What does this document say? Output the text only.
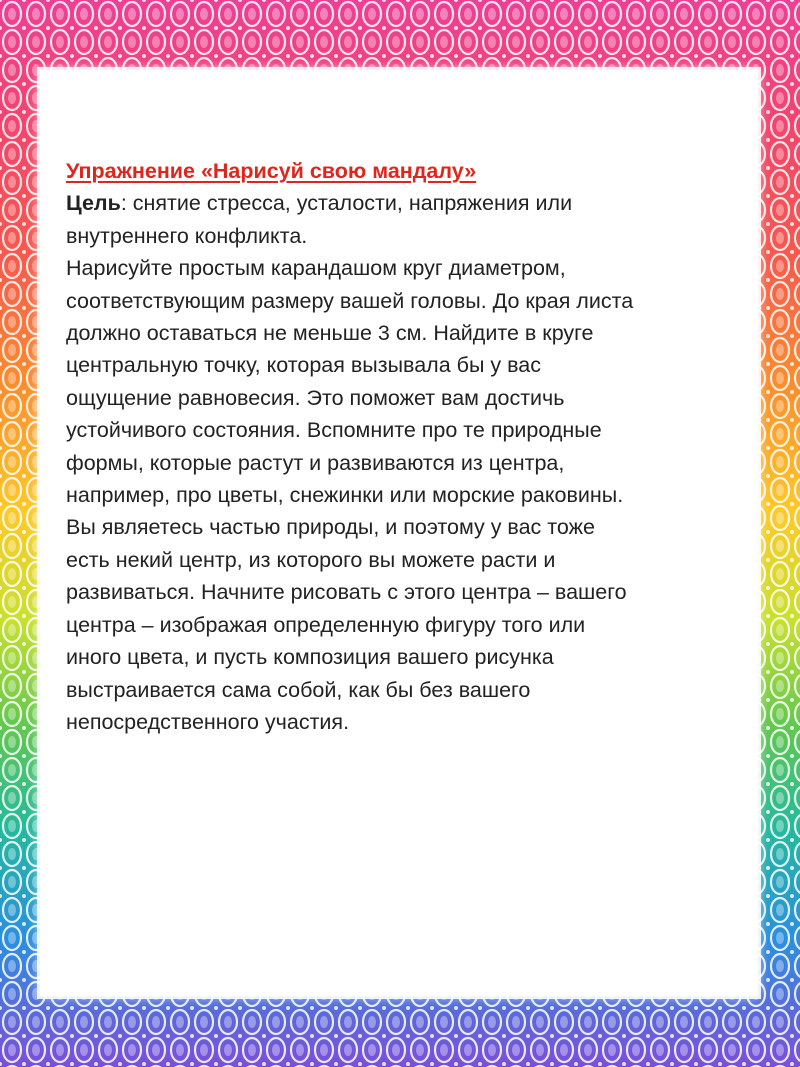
Упражнение «Нарисуй свою мандалу»
Цель: снятие стресса, усталости, напряжения или
внутреннего конфликта.
Нарисуйте простым карандашом круг диаметром,
соответствующим размеру вашей головы. До края листа
должно оставаться не меньше 3 см. Найдите в круге
центральную точку, которая вызывала бы у вас
ощущение равновесия. Это поможет вам достичь
устойчивого состояния. Вспомните про те природные
формы, которые растут и развиваются из центра,
например, про цветы, снежинки или морские раковины.
Вы являетесь частью природы, и поэтому у вас тоже
есть некий центр, из которого вы можете расти и
развиваться. Начните рисовать с этого центра – вашего
центра – изображая определенную фигуру того или
иного цвета, и пусть композиция вашего рисунка
выстраивается сама собой, как бы без вашего
непосредственного участия.
